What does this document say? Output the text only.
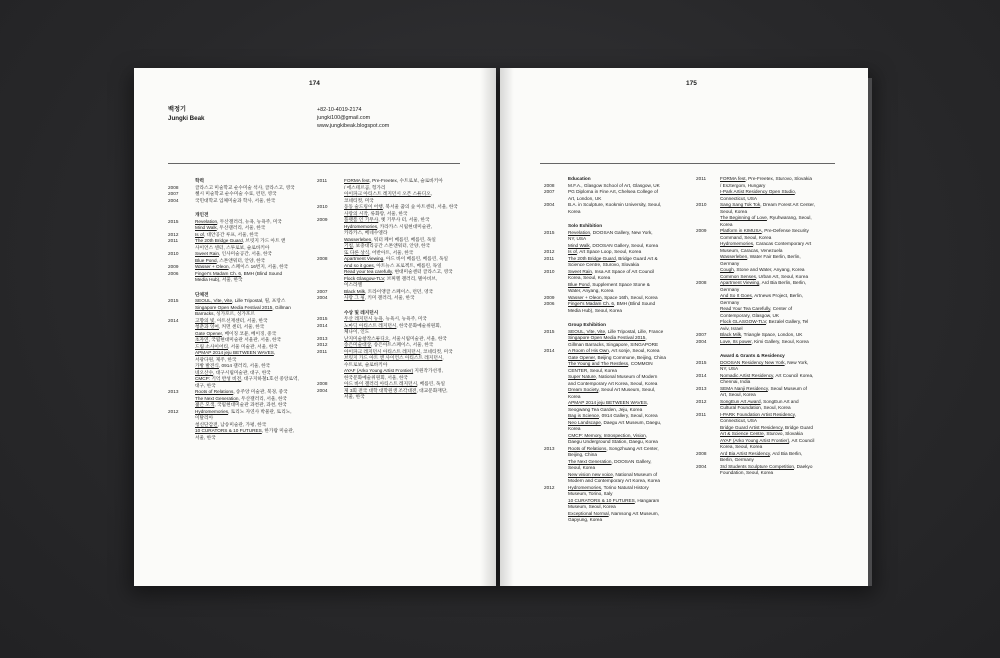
174
백정기
Jungki Beak
+82-10-4019-2174
jungki100@gmail.com
www.jungkibeak.blogspot.com
학력
2008	글라스고 미술학교 순수미술 석사, 글라스고, 영국
2007	첼시 미술학교 순수미술 수료, 런던, 영국
2004	국민대학교 입체미술과 학사, 서울, 한국
개인전
2015	Revelation, 두산갤러리, 뉴욕, 뉴욕주, 미국
Mind Walk, 두산갤러리, 서울, 한국
2012	Is of, 대안공간 루프, 서울, 한국
2011	The 20th Bridge Guard, 브릿지 가드 아트 앤
사이언스 센터, 스투로보, 슬로바키아
2010	Sweet Rain, 인사미술공간, 서울, 한국
Blue Pond, 스톤앤워터, 안양, 한국
2009	Wasser + Oleon, 스페이스 16번지, 서울, 한국
2006	Finger's Madam Ch. 6, BMH (Blind Sound
Media Hub), 서울, 한국
단체전
2015	SEOUL, Vite, Vite, Lille Tripostal, 릴, 프랑스
Singapore Open Media Festival 2015, Gillman
Barracks, 싱가포르, 싱가포르
2014	고향의 빛, 아트선재센터, 서울, 한국
청춘과 잉여, 커먼 센터, 서울, 한국
Gate Opener, 베이징 코뮨, 베이징, 중국
초자연, 국립현대미술관 서울관, 서울, 한국
드림 소사이어티, 서울 미술관, 서울, 한국
APMAP 2014 jeju BETWEEN WAVES,
서광다원, 제주, 한국
가방 발견식, 0914 갤러리, 서울, 한국
네오산수, 대구시립미술관, 대구, 한국
CMCP: 기억 반성 비전, 대구지하철1호선 중앙로역,
대구, 한국
2013	Roots of Relations, 송주앙 미술관, 북경, 중국
The Next Generation, 두산갤러리, 서울, 한국
젊은 모색, 국립현대미술관 과천관, 과천, 한국
2012	Hydromemories, 토리노 자연사 박물관, 토리노,
이탈리아
청신단감전, 남송미술관, 가평, 한국
10 CURATORS & 10 FUTURES, 한가람 미술관,
서울, 한국
2011	FORMA fest, Pre-Freetex, 수트로보, 슬로바키아
/ 에스테르곰, 헝가리
아이파크 아티스트 레지던시 오픈 스튜디오,
코네티컷, 미국
2010	동동 술드링이 어행, 북서울 꿈의 숲 아트센터, 서울, 한국
사랑의 시작, 류화랑, 서울, 한국
2009	플랫폼 인 기무사, 옛 기무사 터, 서울, 한국
Hydromemories, 카라카스 시립현대미술관,
카라카스, 베네수엘라
Wasserleben, 워터 페어 베를린, 베를린, 독일
기침, 보충대리공간 스톤앤워터, 안양, 한국
또 다른 상식, 어반아트, 서울, 한국
2008	Apartment Viewing, 아드 바이 베를린, 베를린, 독일
And so it goes, 아트뉴스 프로젝트, 베를린, 독일
Read your tea carefully, 현대미술센터 글라스고, 영국
Flock Glasgow-TLV, 브찌렐 갤러리, 텔아비브,
이스라엘
2007	Black Milk, 트라이앵글 스페이스, 런던, 영국
2004	사랑 그 핑, 키미 갤러리, 서울, 한국
수상 및 레지던시
2015	두산 레지던시 뉴욕, 뉴욕시, 뉴욕주, 미국
2014	노마딕 아티스트 레지던시, 한국문화예술위원회,
체나이, 인도
2013	난지미술창작스튜디오, 서울시립미술관, 서울, 한국
2012	송은미술대상, 송은아트스페이스, 서울, 한국
2011	아이파크 레지던시 아티스트 레지던시, 코네티컷, 미국
브릿지 가드 아트 앤 사이언스 아티스트 레지던시,
수트로보, 슬로바키아
AYAF (Arko Young Artist Frontier) 지원작가선정,
한국문화예술위원회, 서울, 한국
2008	아드 바이 갤러리 아티스트 레지던시, 베를린, 독일
2004	제 3회 전국 대학 대학원생 조각대전, 대교문화재단,
서울, 한국
175
Education
2008	M.F.A., Glasgow School of Art, Glasgow, UK
2007	PG Diploma in Fine Art, Chelsea College of
Art, London, UK
2004	B.A. in Sculpture, Kookmin University, Seoul,
Korea
Solo Exhibition
2015	Revelation, DOOSAN Gallery, New York,
NY, USA
Mind Walk, DOOSAN Gallery, Seoul, Korea
2012	Is of, Art Space Loop, Seoul, Korea
2011	The 20th Bridge Guard, Bridge Guard Art &
Science Centre, Sturovo, Slovakia
2010	Sweet Rain, Insa Art Space of Art Council
Korea, Seoul, Korea
Blue Pond, Supplement Space Stone &
Water, Anyang, Korea
2009	Wasser + Oleon, Space 16th, Seoul, Korea
2006	Finger's Madam Ch. 6, BMH (Blind Sound
Media Hub), Seoul, Korea
Group Exhibition
2015	SEOUL, Vite, Vite, Lille Tripostal, Lille, France
Singapore Open Media Festival 2015,
Gillman Barracks, Singapore, SINGAPORE
2014	A Room of His Own, Art sonje, Seoul, Korea
Gate Opener, Beijing Commune, Beijing, China
The Young and The Restless, COMMON
CENTER, Seoul, Korea
Super Nature, National Museum of Modern
and Contemporary Art Korea, Seoul, Korea
Dream Society, Seoul Art Museum, Seoul,
Korea
APMAP 2014 jeju BETWEEN WAVES,
Seogwang Tea Garden, Jeju, Korea
Bag is Science, 0914 Gallery, Seoul, Korea
Neo Landscape, Daegu Art Museum, Daegu,
Korea
CMCP: Memory, Introspection, Vision,
Daegu Underground Station, Daegu, Korea
2013	Roots of Relations, Songzhuang Art Center,
Beijing, China
The Next Generation, DOOSAN Gallery,
Seoul, Korea
New vision new voice, National Museum of
Modern and Contemporary Art Korea, Korea
2012	Hydromemories, Torino Natural History
Museum, Torino, Italy
10 CURATORS & 10 FUTURES, Hangaram
Museum, Seoul, Korea
Exceptional Normal, Namsong Art Museum,
Gapyung, Korea
2011	FORMA fest, Pre-Freetex, Sturovo, Slovakia
/ Esztergom, Hungary
I-Park Artist Residency Open Studio,
Connecticut, USA
2010	Sang Sang Tok Tok, Dream Forest Art Center,
Seoul, Korea
The Beginning of Love, Ryuhwarang, Seoul,
Korea
2009	Platform in KIMUSA, Pre-Defense Security
Command, Seoul, Korea
Hydromemories, Caracas Contemporary Art
Museum, Caracas, Venezuela
Wasserleben, Water Fair Berlin, Berlin,
Germany
Cough, Stone and Water, Anyang, Korea
Common Senses, Urban Art, Seoul, Korea
2008	Apartment Viewing, Ard Bia Berlin, Berlin,
Germany
And So It Goes, Artnews Project, Berlin,
Germany
Read Your Tea Carefully, Center of
Contemporary, Glasgow, UK
Flock GLASGOW-TLV, Bezalel Gallery, Tel
Aviv, Israel
2007	Black Milk, Triangle Space, London, UK
2004	Love, Its power, Kimi Gallery, Seoul, Korea
Award & Grants & Residency
2015	DOOSAN Residency New York, New York,
NY, USA
2014	Nomadic Artist Residency, Art Council Korea,
Chennai, India
2013	SEMA Nanji Residency, Seoul Museum of
Art, Seoul, Korea
2012	SongEun Art Award, SongEun Art and
Cultural Foundation, Seoul, Korea
2011	I-PARK Foundation Artist Residency,
Connecticut, USA
Bridge Guard Artist Residency, Bridge Guard
Art & Science Centre, Sturovo, Slovakia
AYAF (Arko Young Artist Frontier), Art Council
Korea, Seoul, Korea
2008	Ard Bia Artist Residency, Ard Bia Berlin,
Berlin, Germany
2004	3rd Students Sculpture Competition, Daekyo
Foundation, Seoul, Korea
